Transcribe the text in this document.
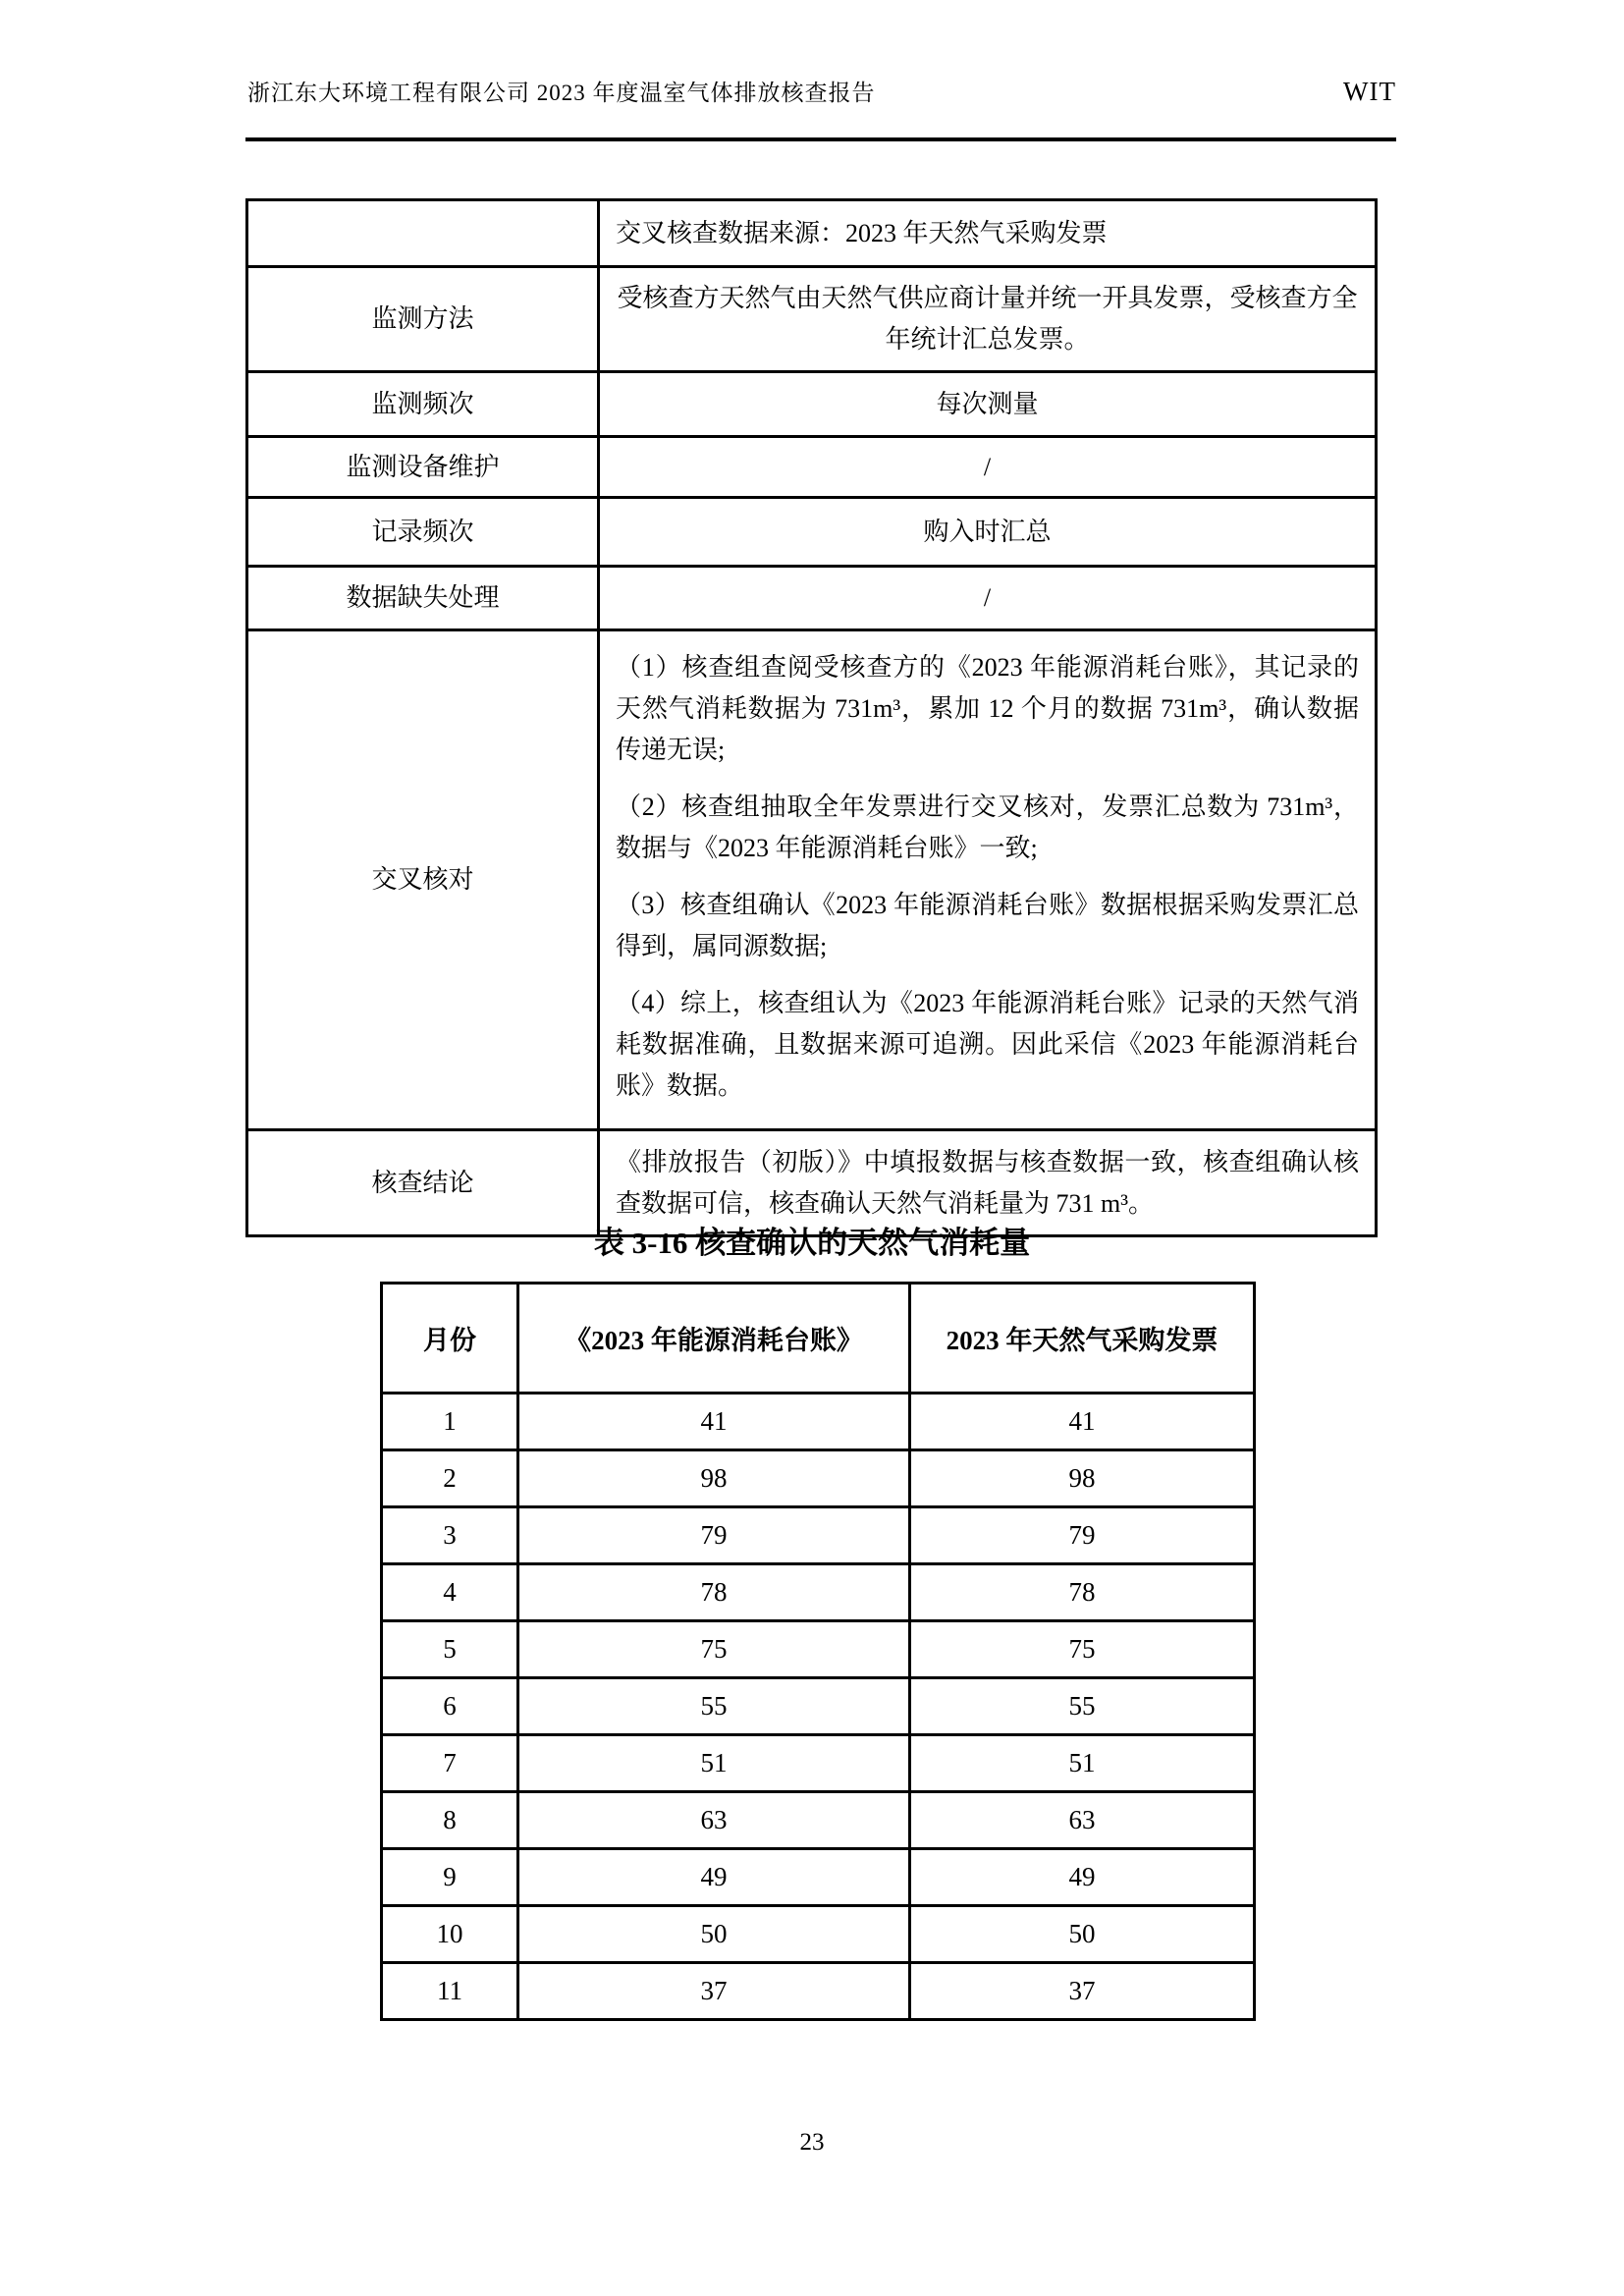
浙江东大环境工程有限公司 2023 年度温室气体排放核查报告	WIT
	交叉核查数据来源：2023 年天然气采购发票
监测方法	受核查方天然气由天然气供应商计量并统一开具发票，受核查方全年统计汇总发票。
监测频次	每次测量
监测设备维护	/
记录频次	购入时汇总
数据缺失处理	/
交叉核对	（1）核查组查阅受核查方的《2023 年能源消耗台账》，其记录的天然气消耗数据为 731m³，累加 12 个月的数据 731m³，确认数据传递无误;

（2）核查组抽取全年发票进行交叉核对，发票汇总数为 731m³，数据与《2023 年能源消耗台账》一致;

（3）核查组确认《2023 年能源消耗台账》数据根据采购发票汇总得到，属同源数据;

（4）综上，核查组认为《2023 年能源消耗台账》记录的天然气消耗数据准确，且数据来源可追溯。因此采信《2023 年能源消耗台账》数据。

核查结论	《排放报告（初版）》中填报数据与核查数据一致，核查组确认核查数据可信，核查确认天然气消耗量为 731 m³。
表 3-16 核查确认的天然气消耗量
月份	《2023 年能源消耗台账》	2023 年天然气采购发票
1	41	41
2	98	98
3	79	79
4	78	78
5	75	75
6	55	55
7	51	51
8	63	63
9	49	49
10	50	50
11	37	37
23
